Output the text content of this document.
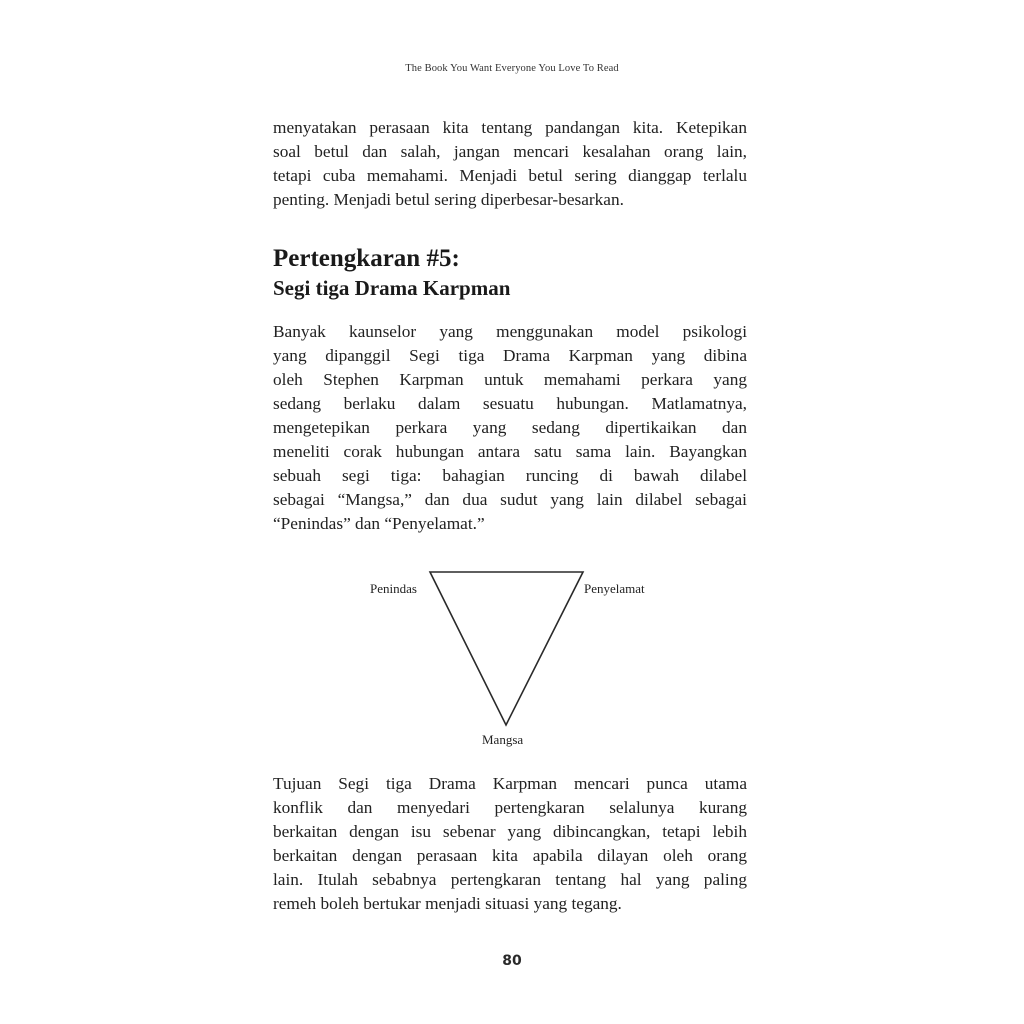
The Book You Want Everyone You Love To Read
menyatakan perasaan kita tentang pandangan kita. Ketepikan
soal betul dan salah, jangan mencari kesalahan orang lain,
tetapi cuba memahami. Menjadi betul sering dianggap terlalu
penting. Menjadi betul sering diperbesar-besarkan.
Pertengkaran #5:
Segi tiga Drama Karpman
Banyak kaunselor yang menggunakan model psikologi
yang dipanggil Segi tiga Drama Karpman yang dibina
oleh Stephen Karpman untuk memahami perkara yang
sedang berlaku dalam sesuatu hubungan. Matlamatnya,
mengetepikan perkara yang sedang dipertikaikan dan
meneliti corak hubungan antara satu sama lain. Bayangkan
sebuah segi tiga: bahagian runcing di bawah dilabel
sebagai “Mangsa,” dan dua sudut yang lain dilabel sebagai
“Penindas” dan “Penyelamat.”
Penindas	Penyelamat
Mangsa
Tujuan Segi tiga Drama Karpman mencari punca utama
konflik dan menyedari pertengkaran selalunya kurang
berkaitan dengan isu sebenar yang dibincangkan, tetapi lebih
berkaitan dengan perasaan kita apabila dilayan oleh orang
lain. Itulah sebabnya pertengkaran tentang hal yang paling
remeh boleh bertukar menjadi situasi yang tegang.
80
